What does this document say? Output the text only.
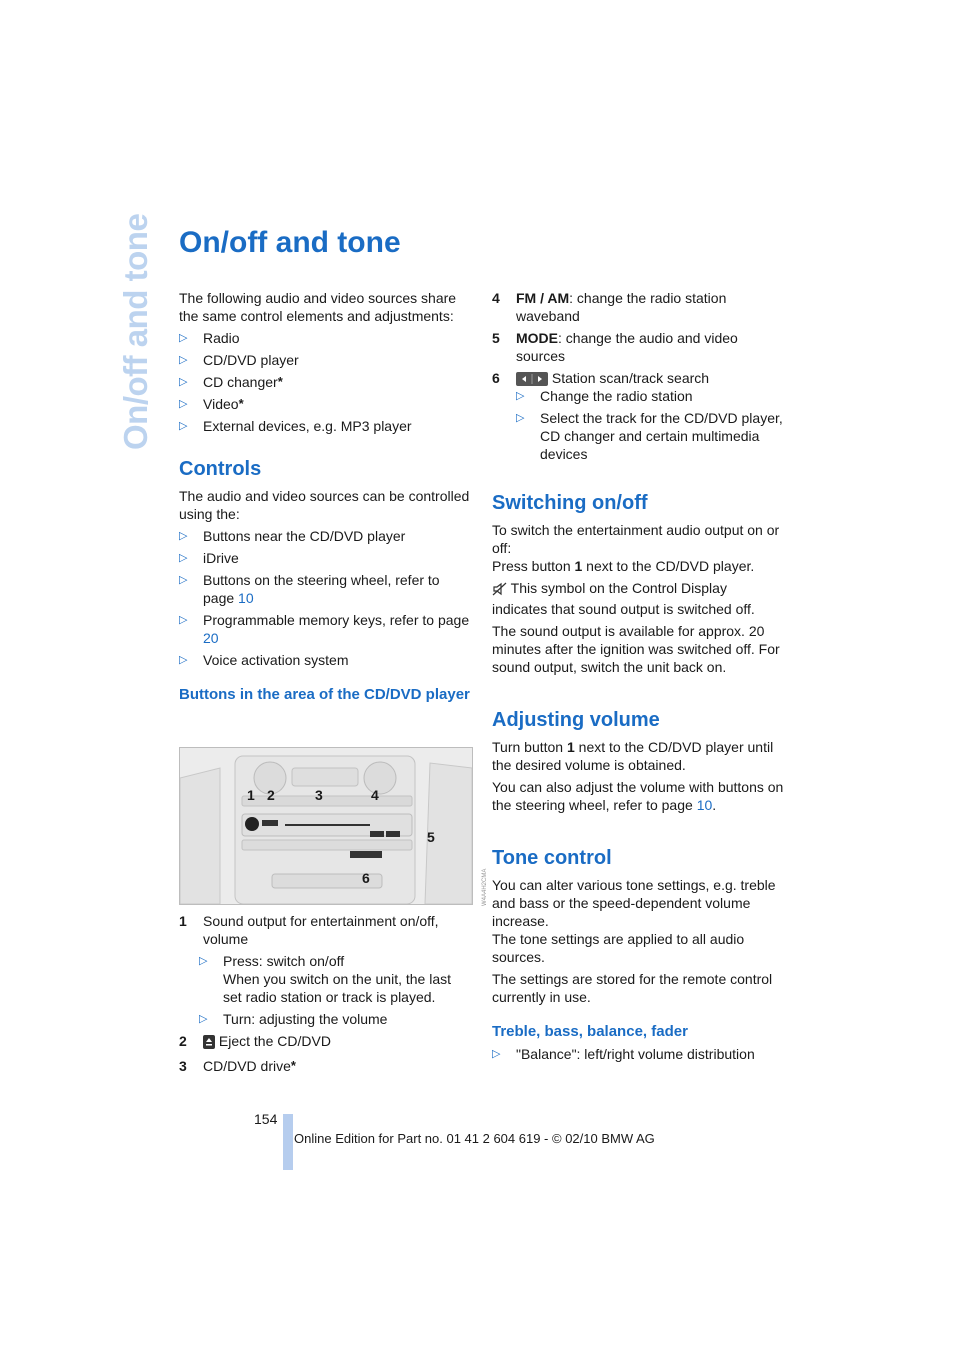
On/off and tone On/off and tone

The following audio and video sources share the same control elements and adjustments:

▷ Radio
▷ CD/DVD player
▷ CD changer*
▷ Video*
▷ External devices, e.g. MP3 player
Controls

The audio and video sources can be controlled using the:

▷ Buttons near the CD/DVD player
▷ iDrive
▷ Buttons on the steering wheel, refer to page 10
▷ Programmable memory keys, refer to page 20
▷ Voice activation system
Buttons in the area of the CD/DVD player
1 2	3	4
5
6	W4A4H2CMA
1 Sound output for entertainment on/off, volume
▷ Press: switch on/off
When you switch on the unit, the last set radio station or track is played.
▷ Turn: adjusting the volume
2 Eject the CD/DVD
3 CD/DVD drive*
4 FM / AM: change the radio station waveband
5 MODE: change the audio and video sources
6	Station scan/track search
▷ Change the radio station
▷ Select the track for the CD/DVD player, CD changer and certain multimedia devices
Switching on/off

To switch the entertainment audio output on or off:

Press button 1 next to the CD/DVD player.

This symbol on the Control Display indicates that sound output is switched off.

The sound output is available for approx. 20 minutes after the ignition was switched off. For sound output, switch the unit back on.

Adjusting volume

Turn button 1 next to the CD/DVD player until the desired volume is obtained.

You can also adjust the volume with buttons on the steering wheel, refer to page 10.

Tone control

You can alter various tone settings, e.g. treble and bass or the speed-dependent volume increase.

The tone settings are applied to all audio sources.

The settings are stored for the remote control currently in use.

Treble, bass, balance, fader
▷ "Balance": left/right volume distribution
154
Online Edition for Part no. 01 41 2 604 619 - © 02/10 BMW AG
